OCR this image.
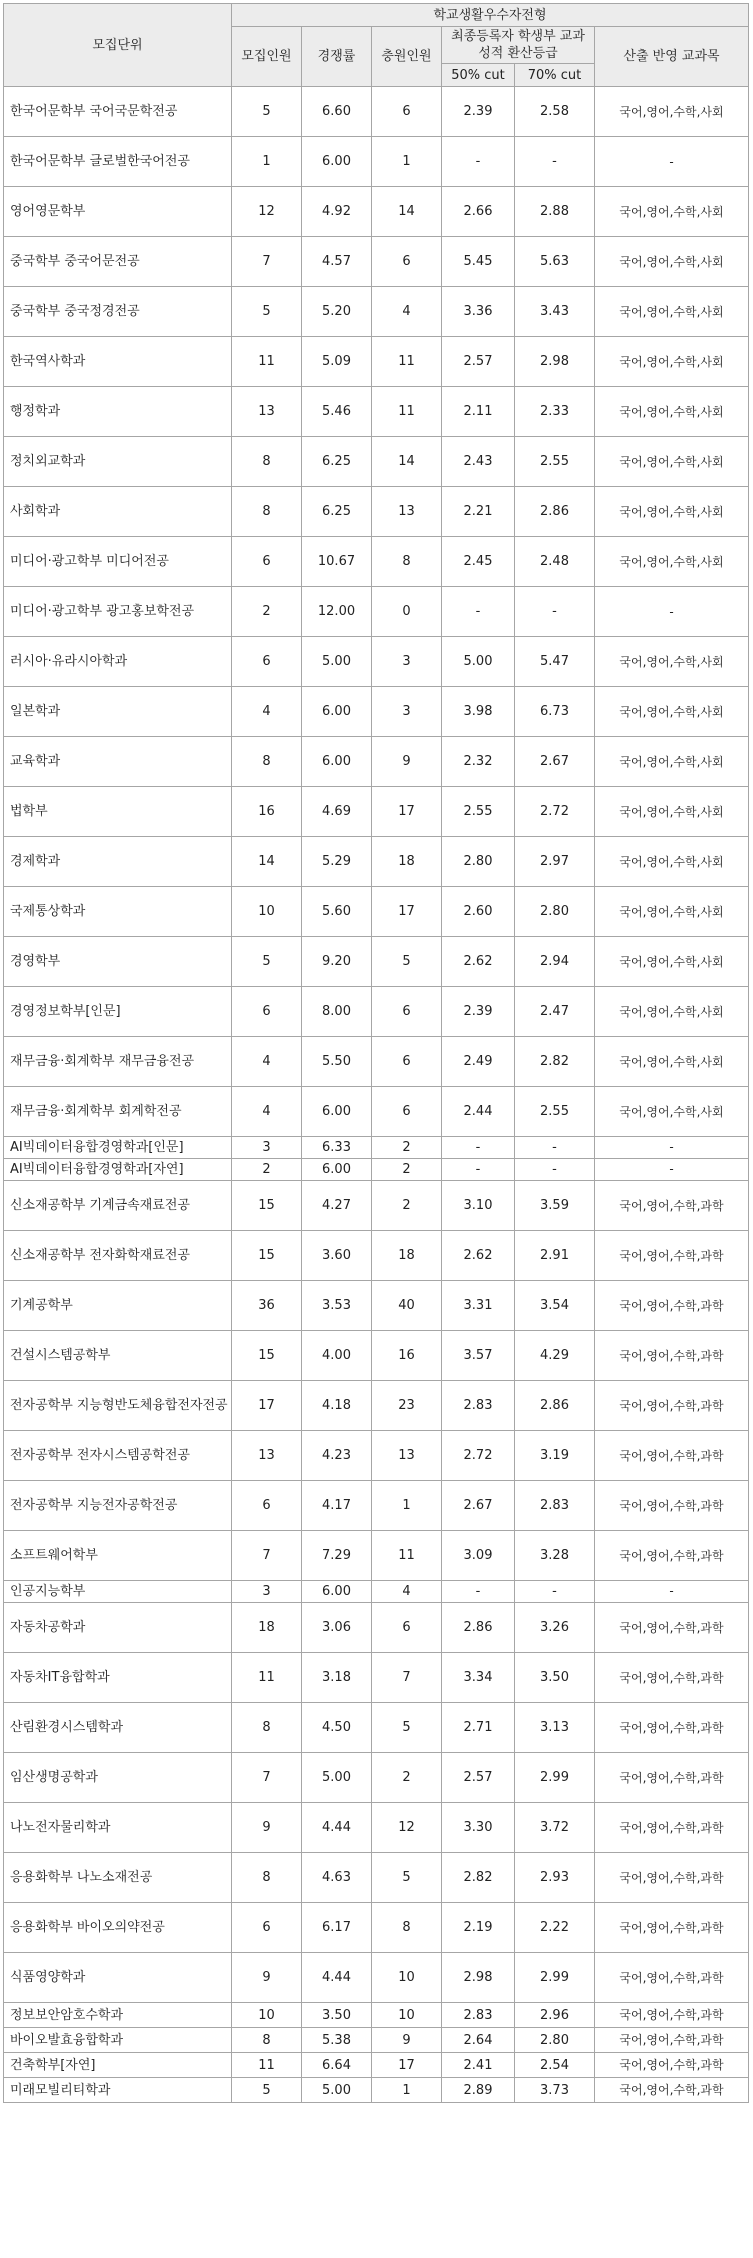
모집단위	학교생활우수자전형					
	모집인원	경쟁률	충원인원	최종등록자 학생부 교과성적 환산등급		산출 반영 교과목
				50% cut	70% cut	
한국어문학부 국어국문학전공	5	6.60	6	2.39	2.58	국어,영어,수학,사회
한국어문학부 글로벌한국어전공	1	6.00	1	-	-	-
영어영문학부	12	4.92	14	2.66	2.88	국어,영어,수학,사회
중국학부 중국어문전공	7	4.57	6	5.45	5.63	국어,영어,수학,사회
중국학부 중국정경전공	5	5.20	4	3.36	3.43	국어,영어,수학,사회
한국역사학과	11	5.09	11	2.57	2.98	국어,영어,수학,사회
행정학과	13	5.46	11	2.11	2.33	국어,영어,수학,사회
정치외교학과	8	6.25	14	2.43	2.55	국어,영어,수학,사회
사회학과	8	6.25	13	2.21	2.86	국어,영어,수학,사회
미디어·광고학부 미디어전공	6	10.67	8	2.45	2.48	국어,영어,수학,사회
미디어·광고학부 광고홍보학전공	2	12.00	0	-	-	-
러시아·유라시아학과	6	5.00	3	5.00	5.47	국어,영어,수학,사회
일본학과	4	6.00	3	3.98	6.73	국어,영어,수학,사회
교육학과	8	6.00	9	2.32	2.67	국어,영어,수학,사회
법학부	16	4.69	17	2.55	2.72	국어,영어,수학,사회
경제학과	14	5.29	18	2.80	2.97	국어,영어,수학,사회
국제통상학과	10	5.60	17	2.60	2.80	국어,영어,수학,사회
경영학부	5	9.20	5	2.62	2.94	국어,영어,수학,사회
경영정보학부[인문]	6	8.00	6	2.39	2.47	국어,영어,수학,사회
재무금융·회계학부 재무금융전공	4	5.50	6	2.49	2.82	국어,영어,수학,사회
재무금융·회계학부 회계학전공	4	6.00	6	2.44	2.55	국어,영어,수학,사회
AI빅데이터융합경영학과[인문]	3	6.33	2	-	-	-
AI빅데이터융합경영학과[자연]	2	6.00	2	-	-	-
신소재공학부 기계금속재료전공	15	4.27	2	3.10	3.59	국어,영어,수학,과학
신소재공학부 전자화학재료전공	15	3.60	18	2.62	2.91	국어,영어,수학,과학
기계공학부	36	3.53	40	3.31	3.54	국어,영어,수학,과학
건설시스템공학부	15	4.00	16	3.57	4.29	국어,영어,수학,과학
전자공학부 지능형반도체융합전자전공	17	4.18	23	2.83	2.86	국어,영어,수학,과학
전자공학부 전자시스템공학전공	13	4.23	13	2.72	3.19	국어,영어,수학,과학
전자공학부 지능전자공학전공	6	4.17	1	2.67	2.83	국어,영어,수학,과학
소프트웨어학부	7	7.29	11	3.09	3.28	국어,영어,수학,과학
인공지능학부	3	6.00	4	-	-	-
자동차공학과	18	3.06	6	2.86	3.26	국어,영어,수학,과학
자동차IT융합학과	11	3.18	7	3.34	3.50	국어,영어,수학,과학
산림환경시스템학과	8	4.50	5	2.71	3.13	국어,영어,수학,과학
임산생명공학과	7	5.00	2	2.57	2.99	국어,영어,수학,과학
나노전자물리학과	9	4.44	12	3.30	3.72	국어,영어,수학,과학
응용화학부 나노소재전공	8	4.63	5	2.82	2.93	국어,영어,수학,과학
응용화학부 바이오의약전공	6	6.17	8	2.19	2.22	국어,영어,수학,과학
식품영양학과	9	4.44	10	2.98	2.99	국어,영어,수학,과학
정보보안암호수학과	10	3.50	10	2.83	2.96	국어,영어,수학,과학
바이오발효융합학과	8	5.38	9	2.64	2.80	국어,영어,수학,과학
건축학부[자연]	11	6.64	17	2.41	2.54	국어,영어,수학,과학
미래모빌리티학과	5	5.00	1	2.89	3.73	국어,영어,수학,과학
